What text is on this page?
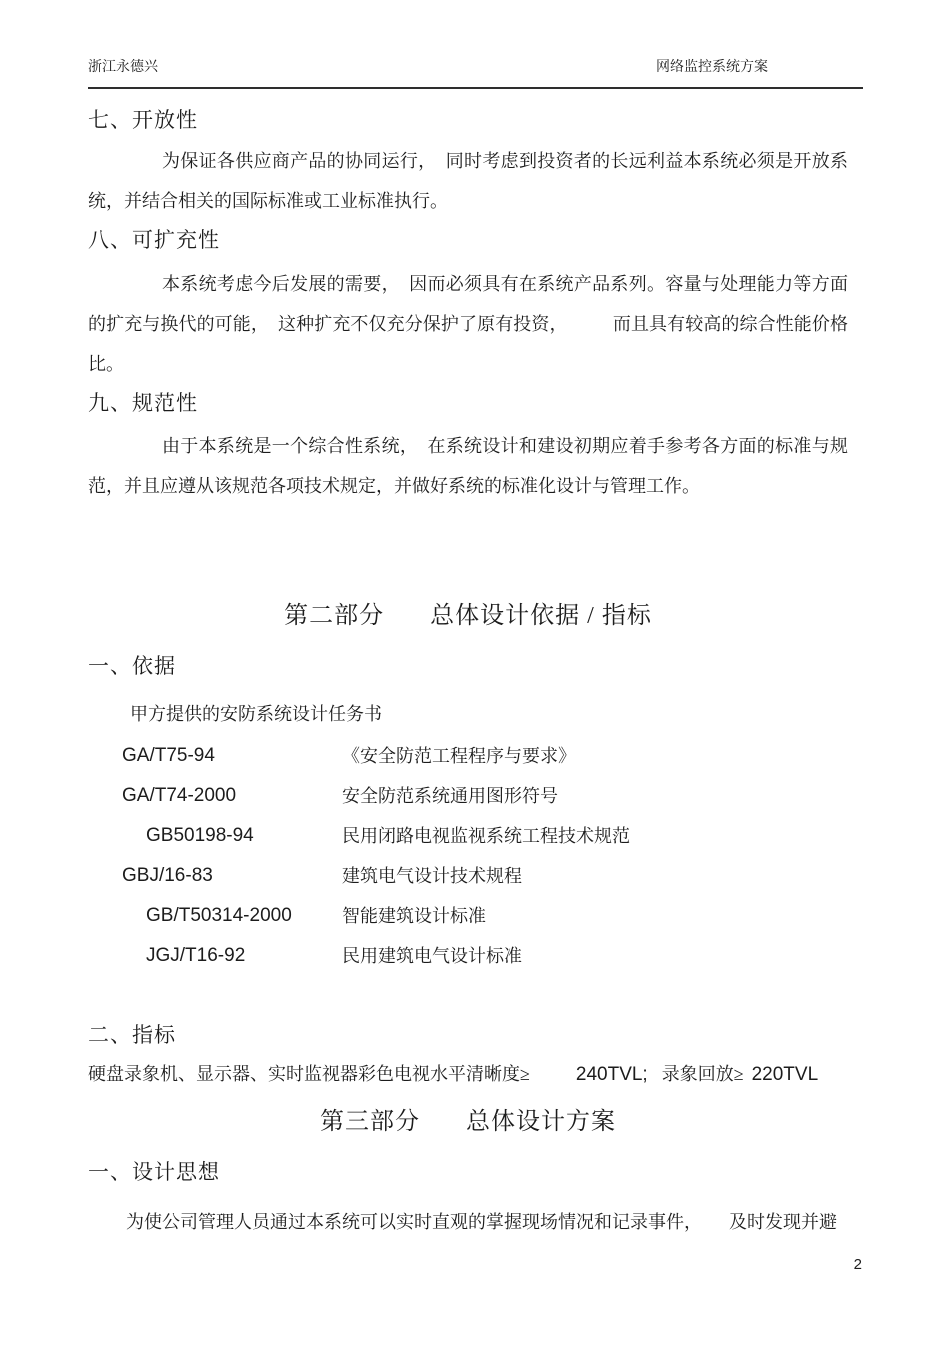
浙江永德兴	网络监控系统方案
七、开放性

为保证各供应商产品的协同运行，　同时考虑到投资者的长远利益本系统必须是开放系统，并结合相关的国际标准或工业标准执行。

八、可扩充性

本系统考虑今后发展的需要，　因而必须具有在系统产品系列。容量与处理能力等方面的扩充与换代的可能，　这种扩充不仅充分保护了原有投资，　　　而且具有较高的综合性能价格比。

九、规范性

由于本系统是一个综合性系统，　在系统设计和建设初期应着手参考各方面的标准与规范，并且应遵从该规范各项技术规定，并做好系统的标准化设计与管理工作。

第二部分 总体设计依据 / 指标
一、依据

甲方提供的安防系统设计任务书

GA/T75-94	《安全防范工程程序与要求》
GA/T74-2000	安全防范系统通用图形符号
GB50198-94	民用闭路电视监视系统工程技术规范
GBJ/16-83	建筑电气设计技术规程
GB/T50314-2000	智能建筑设计标准
JGJ/T16-92	民用建筑电气设计标准
二、指标

硬盘录象机、显示器、实时监视器彩色电视水平清晰度≥ 240TVL; 录象回放≥ 220TVL

第三部分 总体设计方案
一、设计思想

为使公司管理人员通过本系统可以实时直观的掌握现场情况和记录事件，　　及时发现并避

2
